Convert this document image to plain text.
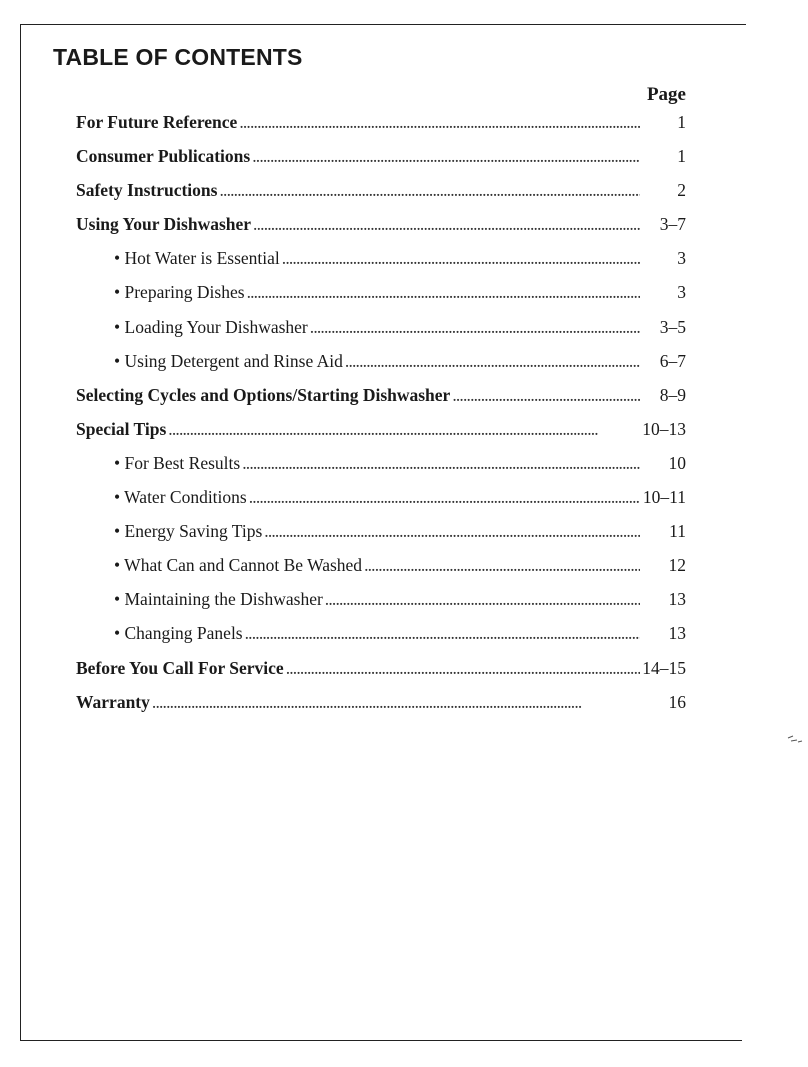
TABLE OF CONTENTS
Page
For Future Reference . . .	1
Consumer Publications . . .	1
Safety Instructions . . .	2
Using Your Dishwasher . . .	3–7
• Hot Water is Essential . . .	3
• Preparing Dishes . . .	3
• Loading Your Dishwasher . . .	3–5
• Using Detergent and Rinse Aid . . .	6–7
Selecting Cycles and Options/Starting Dishwasher . . .	8–9
Special Tips . . .	10–13
• For Best Results . . .	10
• Water Conditions . . .	10–11
• Energy Saving Tips . . .	11
• What Can and Cannot Be Washed . . .	12
• Maintaining the Dishwasher . . .	13
• Changing Panels . . .	13
Before You Call For Service . . .	14–15
Warranty . . .	16
